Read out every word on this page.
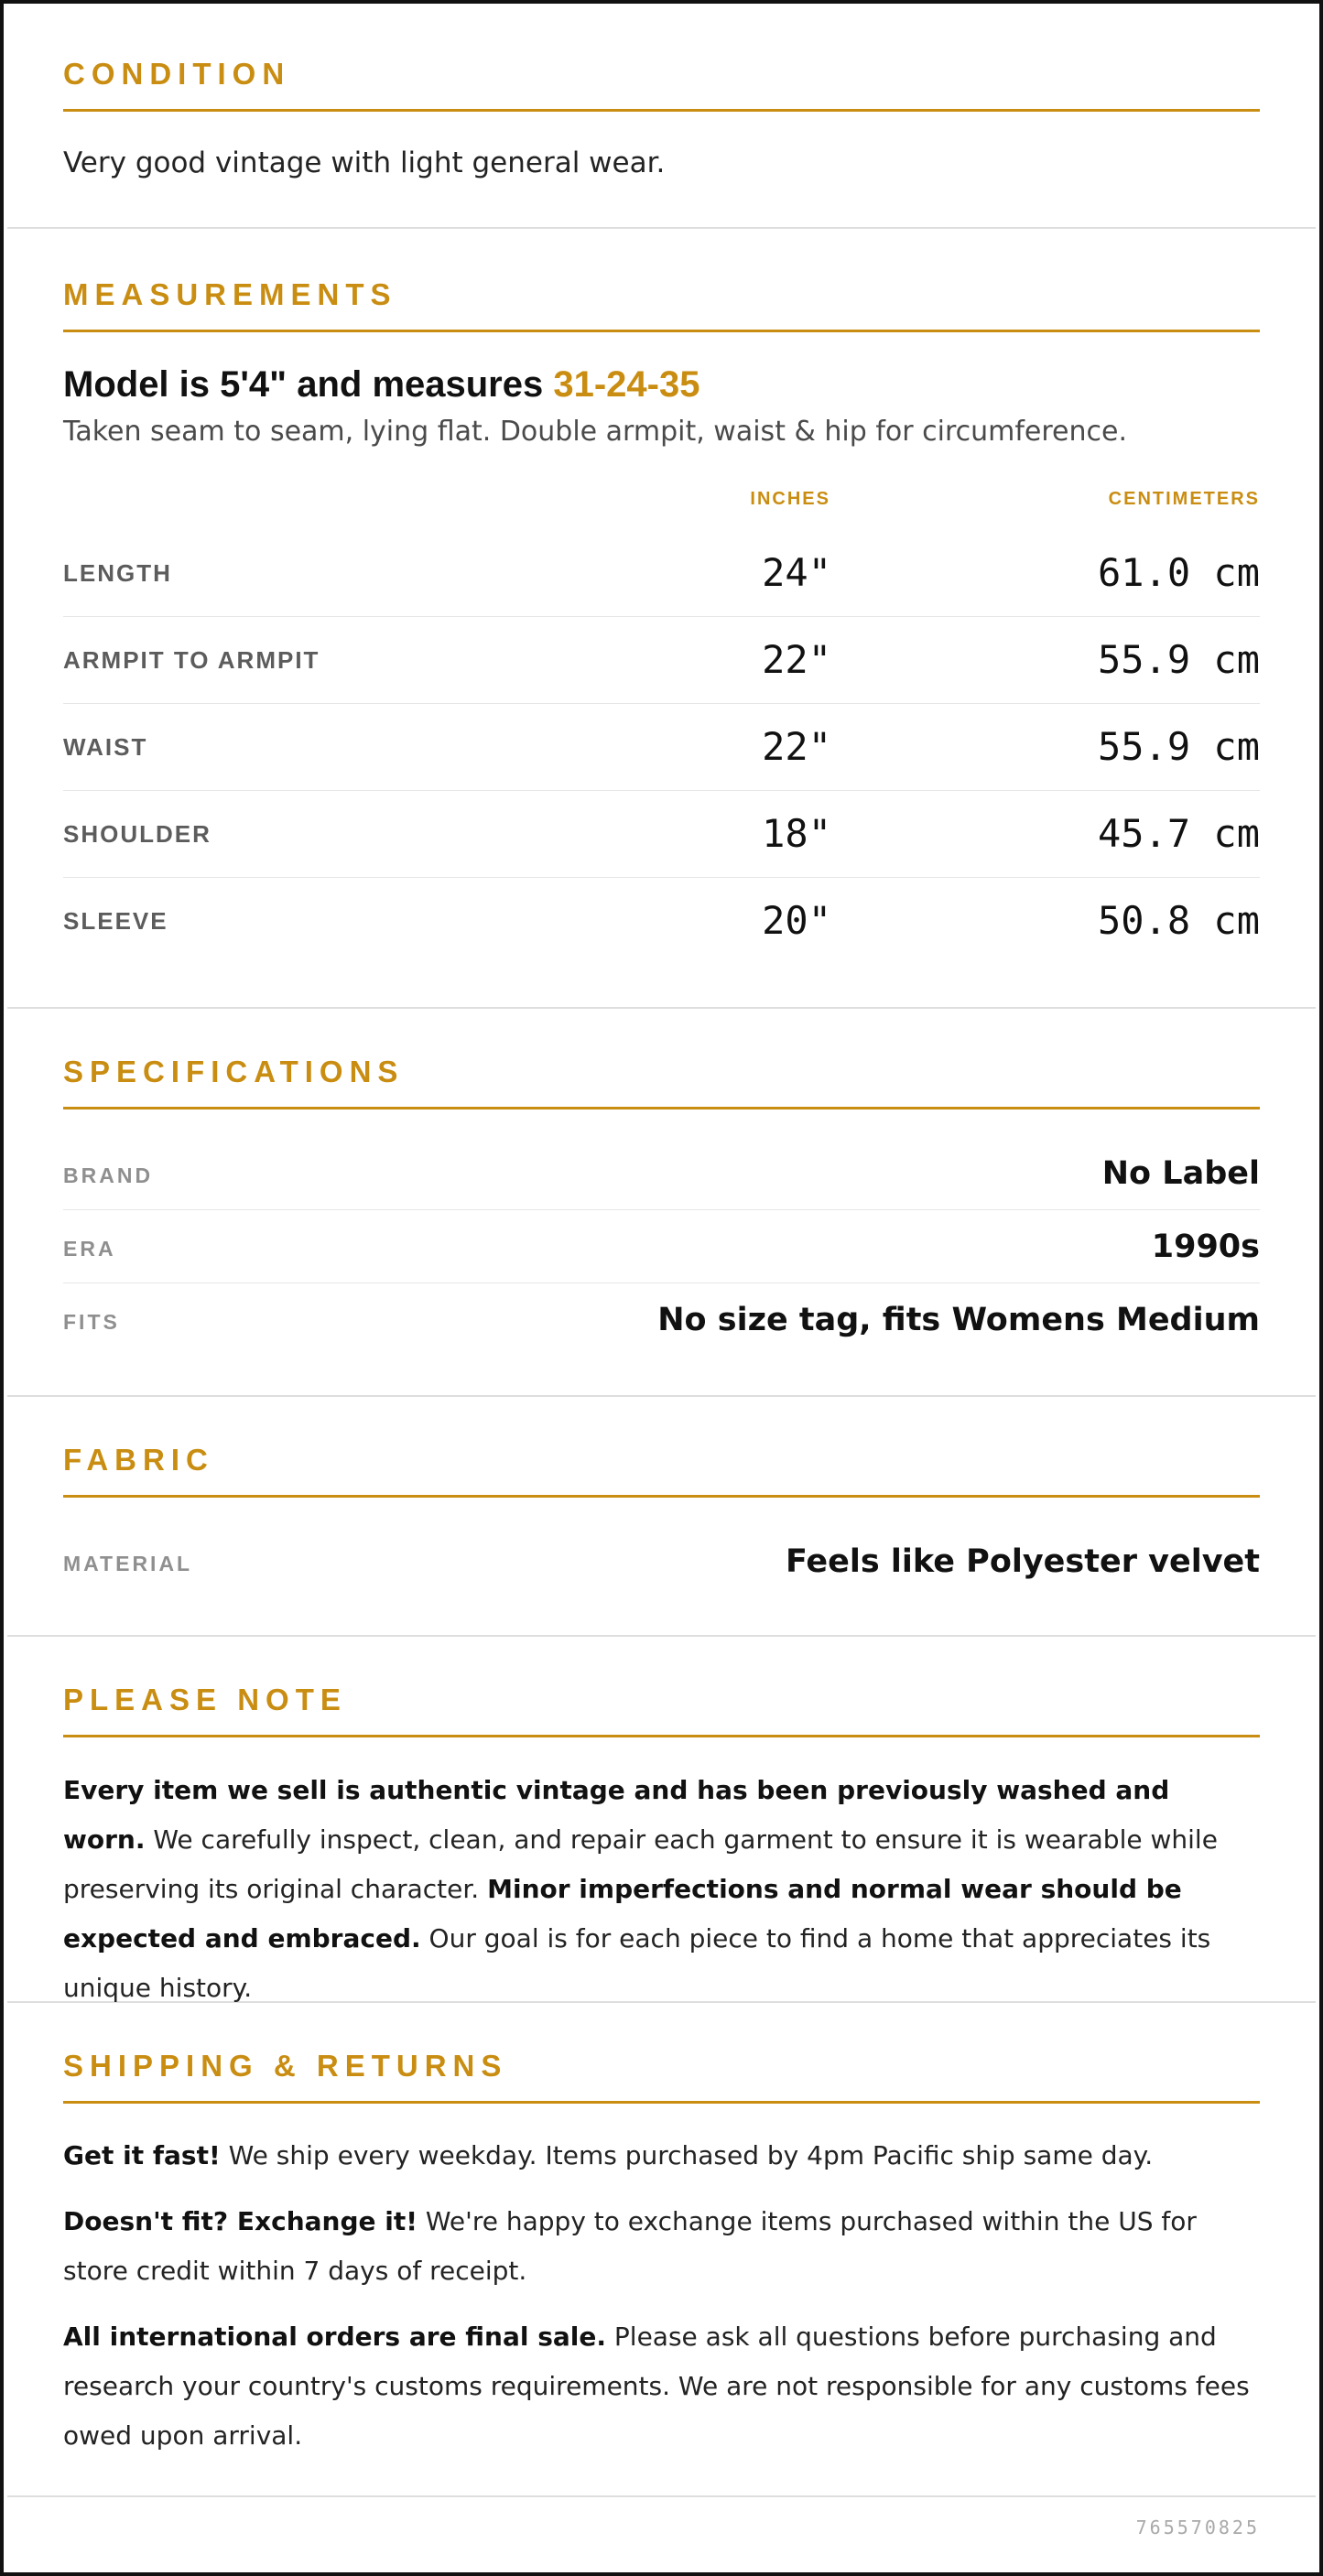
CONDITION
Very good vintage with light general wear.
MEASUREMENTS
Model is 5'4" and measures 31-24-35
Taken seam to seam, lying flat. Double armpit, waist & hip for circumference.
INCHES	CENTIMETERS
LENGTH	24"	61.0 cm
ARMPIT TO ARMPIT	22"	55.9 cm
WAIST	22"	55.9 cm
SHOULDER	18"	45.7 cm
SLEEVE	20"	50.8 cm
SPECIFICATIONS
BRAND	No Label
ERA	1990s
FITS	No size tag, fits Womens Medium
FABRIC
MATERIAL	Feels like Polyester velvet
PLEASE NOTE
Every item we sell is authentic vintage and has been previously washed and worn. We carefully inspect, clean, and repair each garment to ensure it is wearable while preserving its original character. Minor imperfections and normal wear should be expected and embraced. Our goal is for each piece to find a home that appreciates its unique history.
SHIPPING & RETURNS
Get it fast! We ship every weekday. Items purchased by 4pm Pacific ship same day.
Doesn't fit? Exchange it! We're happy to exchange items purchased within the US for store credit within 7 days of receipt.
All international orders are final sale. Please ask all questions before purchasing and research your country's customs requirements. We are not responsible for any customs fees owed upon arrival.
765570825
